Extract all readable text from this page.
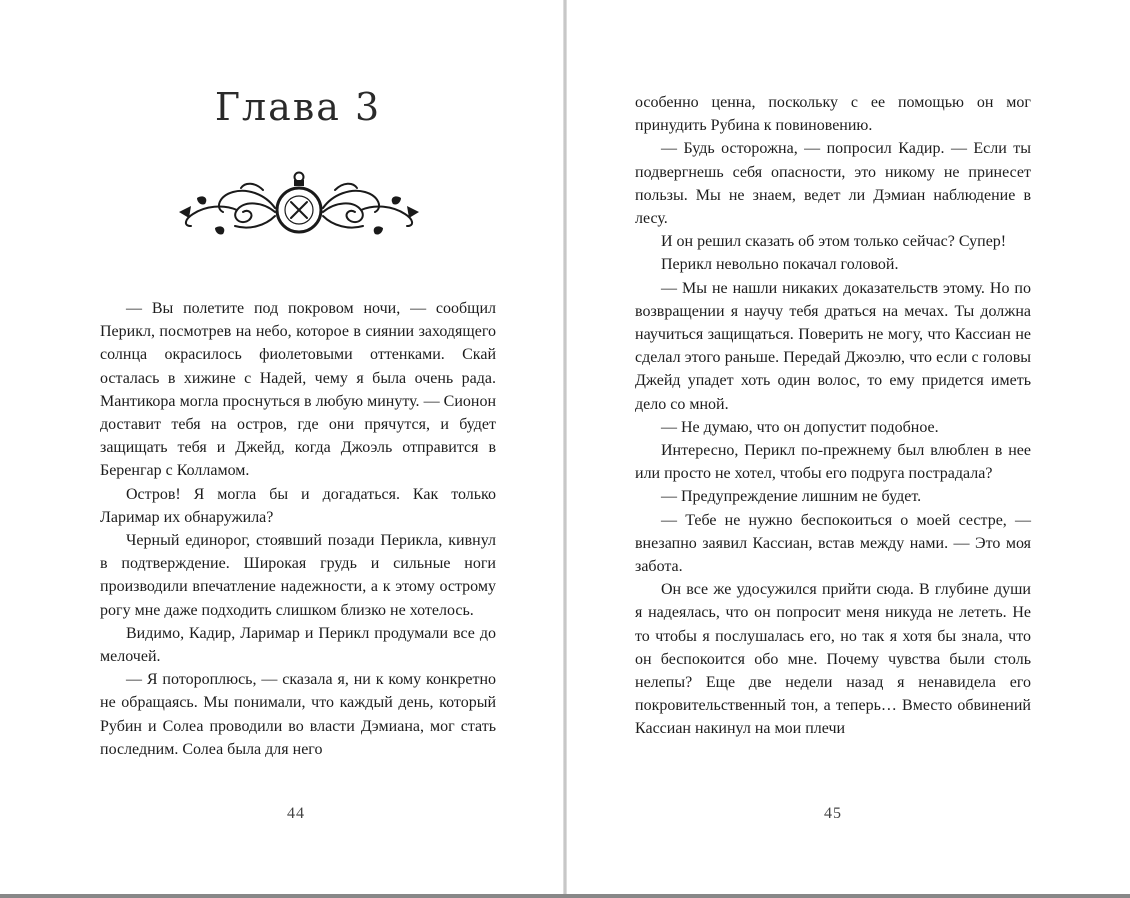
Глава 3

— Вы полетите под покровом ночи, — сообщил Перикл, посмотрев на небо, которое в сиянии заходящего солнца окрасилось фиолетовыми оттенками. Скай осталась в хижине с Надей, чему я была очень рада. Мантикора могла проснуться в любую минуту. — Сионон доставит тебя на остров, где они прячутся, и будет защищать тебя и Джейд, когда Джоэль отправится в Беренгар с Колламом.

Остров! Я могла бы и догадаться. Как только Ларимар их обнаружила?

Черный единорог, стоявший позади Перикла, кивнул в подтверждение. Широкая грудь и сильные ноги производили впечатление надежности, а к этому острому рогу мне даже подходить слишком близко не хотелось.

Видимо, Кадир, Ларимар и Перикл продумали все до мелочей.

— Я потороплюсь, — сказала я, ни к кому конкретно не обращаясь. Мы понимали, что каждый день, который Рубин и Солеа проводили во власти Дэмиана, мог стать последним. Солеа была для него

44

особенно ценна, поскольку с ее помощью он мог принудить Рубина к повиновению.

— Будь осторожна, — попросил Кадир. — Если ты подвергнешь себя опасности, это никому не принесет пользы. Мы не знаем, ведет ли Дэмиан наблюдение в лесу.

И он решил сказать об этом только сейчас? Супер!

Перикл невольно покачал головой.

— Мы не нашли никаких доказательств этому. Но по возвращении я научу тебя драться на мечах. Ты должна научиться защищаться. Поверить не могу, что Кассиан не сделал этого раньше. Передай Джоэлю, что если с головы Джейд упадет хоть один волос, то ему придется иметь дело со мной.

— Не думаю, что он допустит подобное.

Интересно, Перикл по-прежнему был влюблен в нее или просто не хотел, чтобы его подруга пострадала?

— Предупреждение лишним не будет.

— Тебе не нужно беспокоиться о моей сестре, — внезапно заявил Кассиан, встав между нами. — Это моя забота.

Он все же удосужился прийти сюда. В глубине души я надеялась, что он попросит меня никуда не лететь. Не то чтобы я послушалась его, но так я хотя бы знала, что он беспокоится обо мне. Почему чувства были столь нелепы? Еще две недели назад я ненавидела его покровительственный тон, а теперь… Вместо обвинений Кассиан накинул на мои плечи

45
